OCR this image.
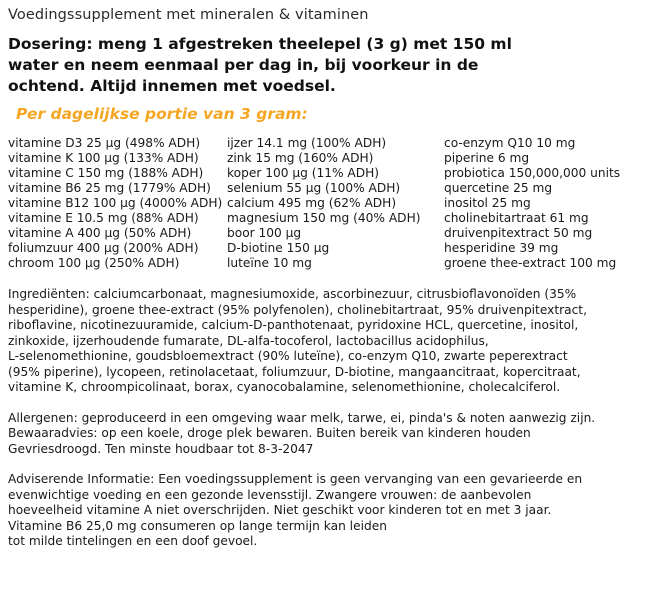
Voedingssupplement met mineralen & vitaminen
Dosering: meng 1 afgestreken theelepel (3 g) met 150 ml
water en neem eenmaal per dag in, bij voorkeur in de
ochtend. Altijd innemen met voedsel.
Per dagelijkse portie van 3 gram:
vitamine D3 25 µg (498% ADH)
vitamine K 100 µg (133% ADH)
vitamine C 150 mg (188% ADH)
vitamine B6 25 mg (1779% ADH)
vitamine B12 100 µg (4000% ADH)
vitamine E 10.5 mg (88% ADH)
vitamine A 400 µg (50% ADH)
foliumzuur 400 µg (200% ADH)
chroom 100 µg (250% ADH)
ijzer 14.1 mg (100% ADH)
zink 15 mg (160% ADH)
koper 100 µg (11% ADH)
selenium 55 µg (100% ADH)
calcium 495 mg (62% ADH)
magnesium 150 mg (40% ADH)
boor 100 µg
D-biotine 150 µg
luteïne 10 mg
co-enzym Q10 10 mg
piperine 6 mg
probiotica 150,000,000 units
quercetine 25 mg
inositol 25 mg
cholinebitartraat 61 mg
druivenpitextract 50 mg
hesperidine 39 mg
groene thee-extract 100 mg
Ingrediënten: calciumcarbonaat, magnesiumoxide, ascorbinezuur, citrusbioflavonoïden (35%
hesperidine), groene thee-extract (95% polyfenolen), cholinebitartraat, 95% druivenpitextract,
riboflavine, nicotinezuuramide, calcium-D-panthotenaat, pyridoxine HCL, quercetine, inositol,
zinkoxide, ijzerhoudende fumarate, DL-alfa-tocoferol, lactobacillus acidophilus,
L-selenomethionine, goudsbloemextract (90% luteïne), co-enzym Q10, zwarte peperextract
(95% piperine), lycopeen, retinolacetaat, foliumzuur, D-biotine, mangaancitraat, kopercitraat,
vitamine K, chroompicolinaat, borax, cyanocobalamine, selenomethionine, cholecalciferol.
Allergenen: geproduceerd in een omgeving waar melk, tarwe, ei, pinda's & noten aanwezig zijn.
Bewaaradvies: op een koele, droge plek bewaren. Buiten bereik van kinderen houden
Gevriesdroogd. Ten minste houdbaar tot 8-3-2047
Adviserende Informatie: Een voedingssupplement is geen vervanging van een gevarieerde en
evenwichtige voeding en een gezonde levensstijl. Zwangere vrouwen: de aanbevolen
hoeveelheid vitamine A niet overschrijden. Niet geschikt voor kinderen tot en met 3 jaar.
Vitamine B6 25,0 mg consumeren op lange termijn kan leiden
tot milde tintelingen en een doof gevoel.
